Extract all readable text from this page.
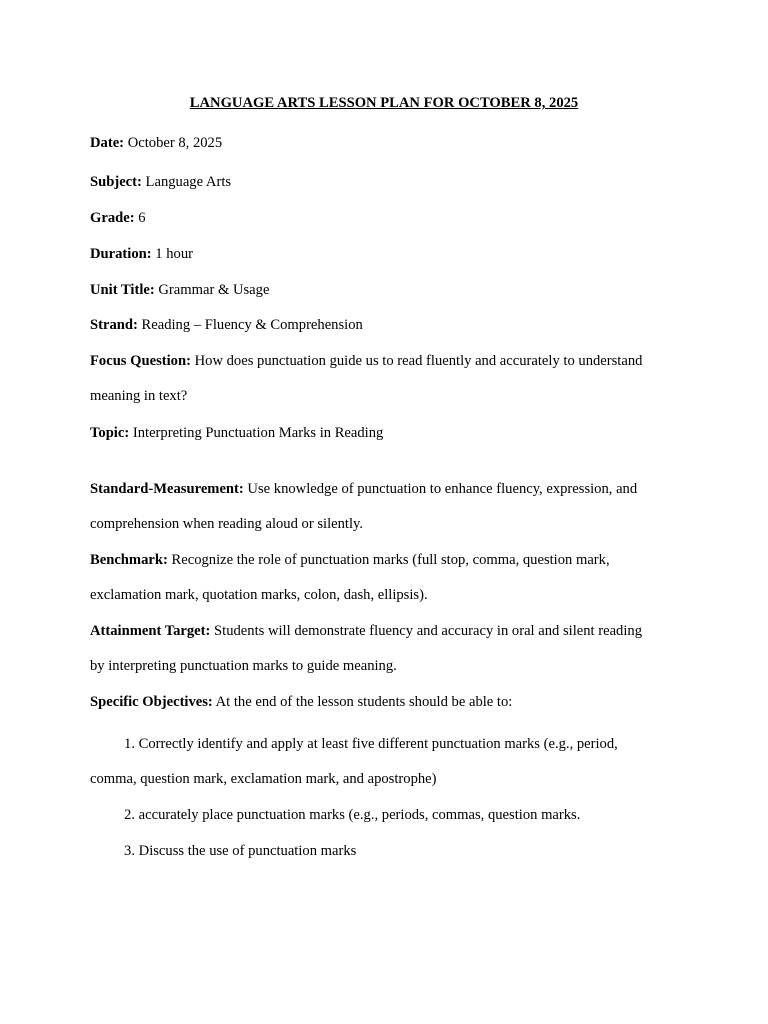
LANGUAGE ARTS LESSON PLAN FOR OCTOBER 8, 2025
Date: October 8, 2025
Subject: Language Arts
Grade: 6
Duration: 1 hour
Unit Title: Grammar & Usage
Strand: Reading – Fluency & Comprehension
Focus Question: How does punctuation guide us to read fluently and accurately to understand
meaning in text?
Topic: Interpreting Punctuation Marks in Reading
Standard-Measurement: Use knowledge of punctuation to enhance fluency, expression, and
comprehension when reading aloud or silently.
Benchmark: Recognize the role of punctuation marks (full stop, comma, question mark,
exclamation mark, quotation marks, colon, dash, ellipsis).
Attainment Target: Students will demonstrate fluency and accuracy in oral and silent reading
by interpreting punctuation marks to guide meaning.
Specific Objectives: At the end of the lesson students should be able to:
1. Correctly identify and apply at least five different punctuation marks (e.g., period,
comma, question mark, exclamation mark, and apostrophe)
2. accurately place punctuation marks (e.g., periods, commas, question marks.
3. Discuss the use of punctuation marks
